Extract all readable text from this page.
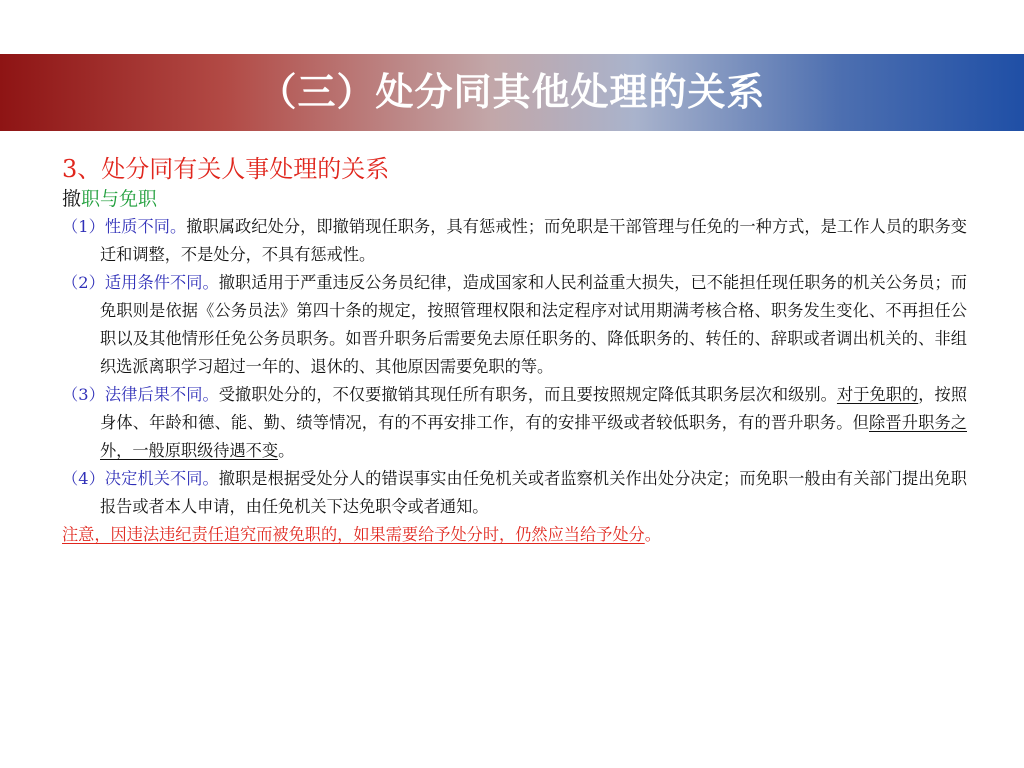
（三）处分同其他处理的关系

3、处分同有关人事处理的关系

撤职与免职

（1）性质不同。撤职属政纪处分，即撤销现任职务，具有惩戒性；而免职是干部管理与任免的一种方式，是工作人员的职务变迁和调整，不是处分，不具有惩戒性。

（2）适用条件不同。撤职适用于严重违反公务员纪律，造成国家和人民利益重大损失，已不能担任现任职务的机关公务员；而免职则是依据《公务员法》第四十条的规定，按照管理权限和法定程序对试用期满考核合格、职务发生变化、不再担任公职以及其他情形任免公务员职务。如晋升职务后需要免去原任职务的、降低职务的、转任的、辞职或者调出机关的、非组织选派离职学习超过一年的、退休的、其他原因需要免职的等。

（3）法律后果不同。受撤职处分的，不仅要撤销其现任所有职务，而且要按照规定降低其职务层次和级别。对于免职的，按照身体、年龄和德、能、勤、绩等情况，有的不再安排工作，有的安排平级或者较低职务，有的晋升职务。但除晋升职务之外，一般原职级待遇不变。

（4）决定机关不同。撤职是根据受处分人的错误事实由任免机关或者监察机关作出处分决定；而免职一般由有关部门提出免职报告或者本人申请，由任免机关下达免职令或者通知。

注意，因违法违纪责任追究而被免职的，如果需要给予处分时，仍然应当给予处分。
